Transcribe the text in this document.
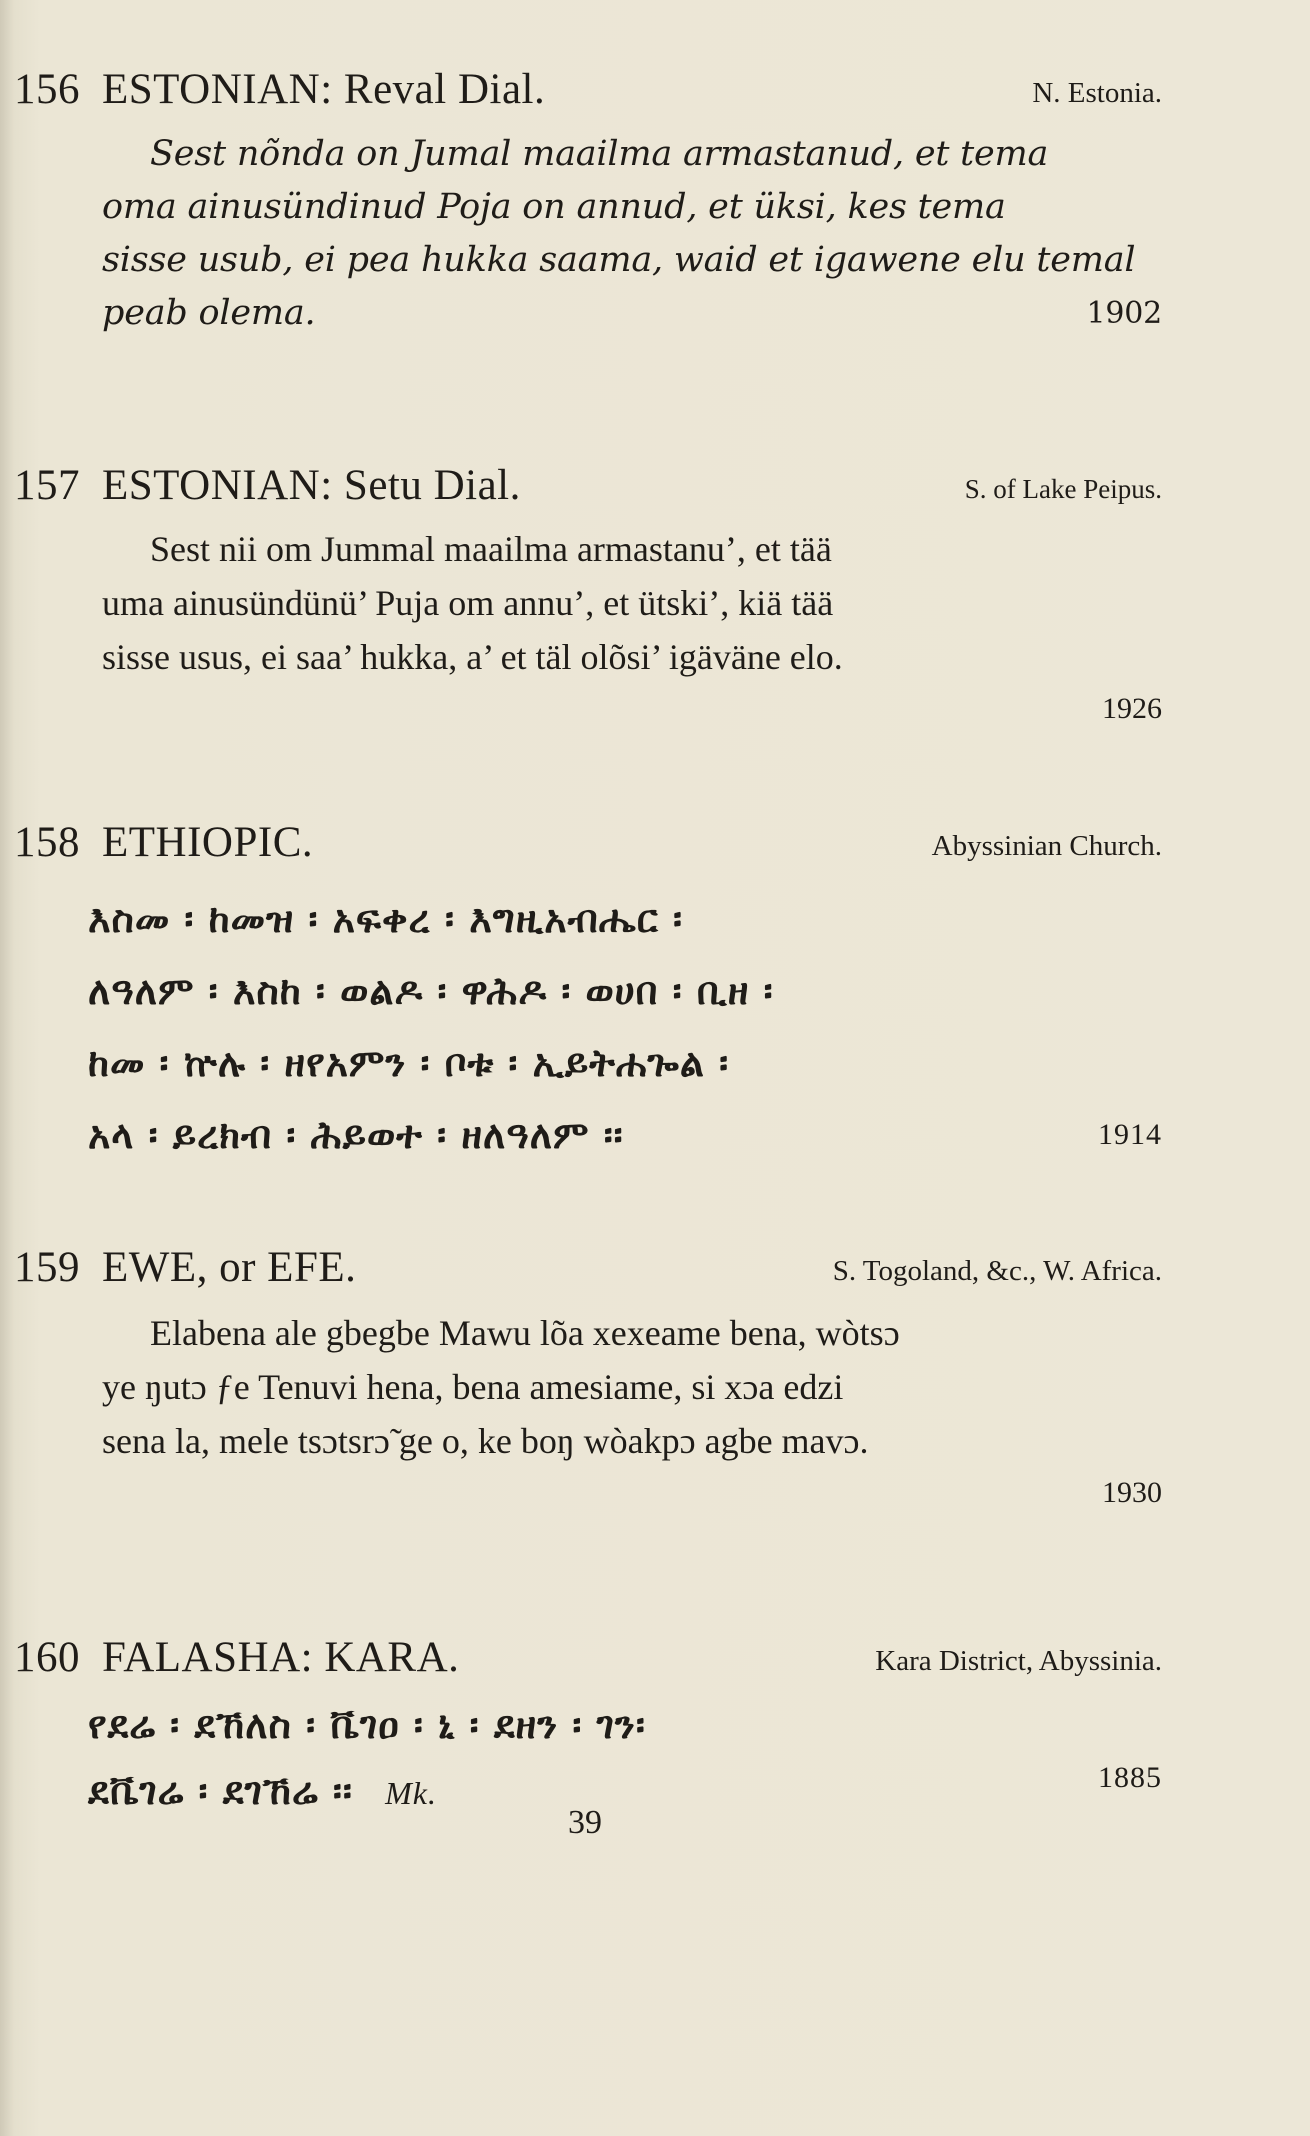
156 ESTONIAN: Reval Dial.	N. Estonia.
Sest nõnda on Jumal maailma armastanud, et tema
oma ainusündinud Poja on annud, et üksi, kes tema
sisse usub, ei pea hukka saama, waid et igawene elu temal
peab olema.	1902
157 ESTONIAN: Setu Dial.	S. of Lake Peipus.
Sest nii om Jummal maailma armastanu’, et tää
uma ainusündünü’ Puja om annu’, et ütski’, kiä tää
sisse usus, ei saa’ hukka, a’ et täl olõsi’ igäväne elo.
1926
158 ETHIOPIC.	Abyssinian Church.
እስመ ፡ ከመዝ ፡ አፍቀረ ፡ እግዚአብሔር ፡
ለዓለም ፡ እስከ ፡ ወልዶ ፡ ዋሕዶ ፡ ወሀበ ፡ ቢዘ ፡
ከመ ፡ ኵሉ ፡ ዘየአምን ፡ ቦቱ ፡ ኢይትሐጐል ፡
አላ ፡ ይረክብ ፡ ሕይወተ ፡ ዘለዓለም ፡፡	1914
159 EWE, or EFE.	S. Togoland, &c., W. Africa.
Elabena ale gbegbe Mawu lõa xexeame bena, wòtsɔ
ye ŋutɔ ƒe Tenuvi hena, bena amesiame, si xɔa edzi
sena la, mele tsɔtsrɔ̃ ge o, ke boŋ wòakpɔ agbe mavɔ.
1930
160 FALASHA: KARA.	Kara District, Abyssinia.
የደሬ ፡ ደኸለስ ፡ ቬገዐ ፡ ኒ ፡ ደዘን ፡ ገን፡
ደቬገሬ ፡ ደገኸሬ ፡፡ Mk.	1885
39
